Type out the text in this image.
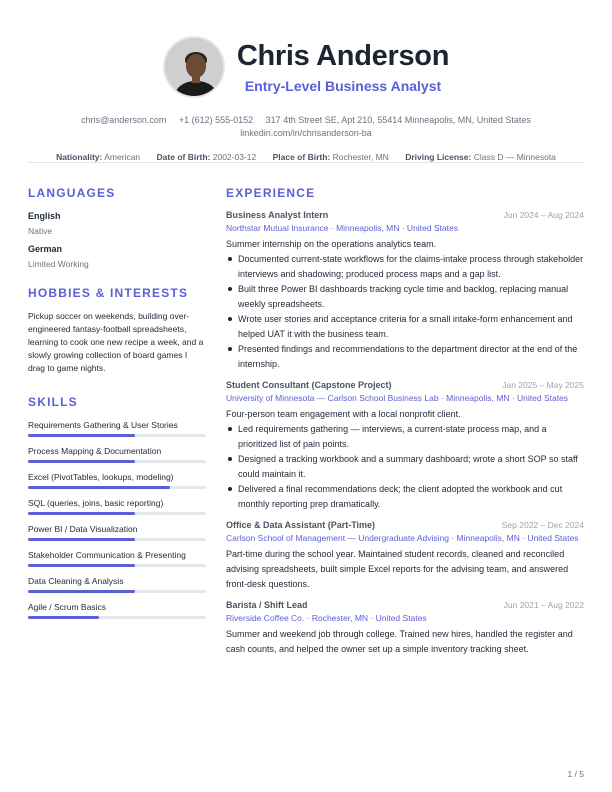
Chris Anderson
Entry-Level Business Analyst
chris@anderson.com +1 (612) 555-0152 317 4th Street SE, Apt 210, 55414 Minneapolis, MN, United States
linkedin.com/in/chrisanderson-ba
Nationality: American Date of Birth: 2002-03-12 Place of Birth: Rochester, MN Driving License: Class D — Minnesota
LANGUAGES
English
Native
German
Limited Working
HOBBIES & INTERESTS
Pickup soccer on weekends, building over-engineered fantasy-football spreadsheets, learning to cook one new recipe a week, and a slowly growing collection of board games I drag to game nights.
SKILLS
Requirements Gathering & User Stories
Process Mapping & Documentation
Excel (PivotTables, lookups, modeling)
SQL (queries, joins, basic reporting)
Power BI / Data Visualization
Stakeholder Communication & Presenting
Data Cleaning & Analysis
Agile / Scrum Basics
EXPERIENCE
Business Analyst Intern	Jun 2024 – Aug 2024
Northstar Mutual Insurance · Minneapolis, MN · United States
Summer internship on the operations analytics team.
Documented current-state workflows for the claims-intake process through stakeholder interviews and shadowing; produced process maps and a gap list.
Built three Power BI dashboards tracking cycle time and backlog, replacing manual weekly spreadsheets.
Wrote user stories and acceptance criteria for a small intake-form enhancement and helped UAT it with the business team.
Presented findings and recommendations to the department director at the end of the internship.
Student Consultant (Capstone Project)	Jan 2025 – May 2025
University of Minnesota — Carlson School Business Lab · Minneapolis, MN · United States
Four-person team engagement with a local nonprofit client.
Led requirements gathering — interviews, a current-state process map, and a prioritized list of pain points.
Designed a tracking workbook and a summary dashboard; wrote a short SOP so staff could maintain it.
Delivered a final recommendations deck; the client adopted the workbook and cut monthly reporting prep dramatically.
Office & Data Assistant (Part-Time)	Sep 2022 – Dec 2024
Carlson School of Management — Undergraduate Advising · Minneapolis, MN · United States
Part-time during the school year. Maintained student records, cleaned and reconciled advising spreadsheets, built simple Excel reports for the advising team, and answered front-desk questions.
Barista / Shift Lead	Jun 2021 – Aug 2022
Riverside Coffee Co. · Rochester, MN · United States
Summer and weekend job through college. Trained new hires, handled the register and cash counts, and helped the owner set up a simple inventory tracking sheet.
1 / 5
